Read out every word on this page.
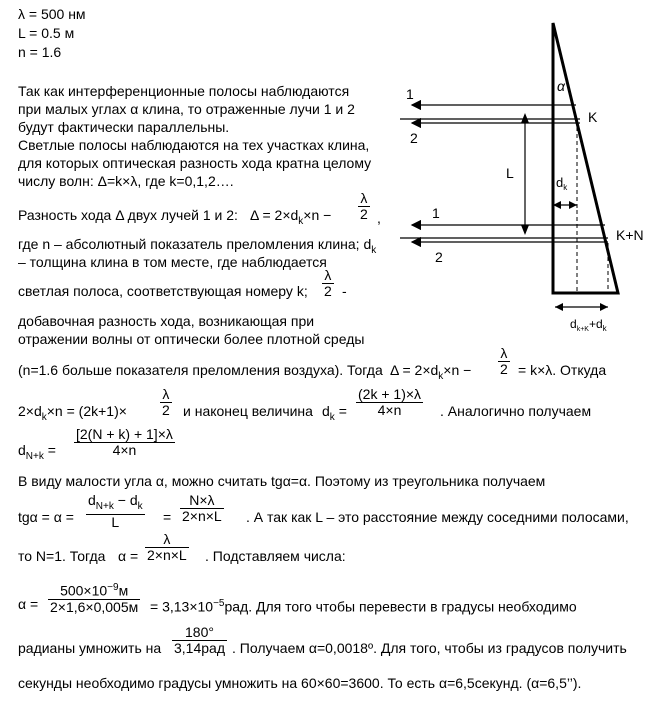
λ = 500 нм
L = 0.5 м
n = 1.6
Так как интерференционные полосы наблюдаются
при малых углах α клина, то отраженные лучи 1 и 2
будут фактически параллельны.
Светлые полосы наблюдаются на тех участках клина,
для которых оптическая разность хода кратна целому
числу волн: Δ=k×λ, где k=0,1,2….
Разность хода Δ двух лучей 1 и 2: $\Delta = 2\times d_k\times n - \frac{\lambda}{2}$ ,
где n – абсолютный показатель преломления клина; $d_k$
– толщина клина в том месте, где наблюдается
светлая полоса, соответствующая номеру k; $\frac{\lambda}{2}$ -
добавочная разность хода, возникающая при
отражении волны от оптически более плотной среды
(n=1.6 больше показателя преломления воздуха). Тогда $\Delta = 2\times d_k\times n - \frac{\lambda}{2} = k\times\lambda$. Откуда
$2\times d_k\times n = (2k+1)\times \frac{\lambda}{2}$ и наконец величина $d_k = \frac{(2k + 1)\times\lambda}{4\times n}$ . Аналогично получаем
$d_{N+k} = \frac{[2(N + k) + 1]\times\lambda}{4\times n}$
В виду малости угла α, можно считать tgα=α. Поэтому из треугольника получаем
$tg\alpha = \alpha = \frac{d_{N+k} - d_k}{L} = \frac{N\times\lambda}{2\times n\times L}$ . А так как L – это расстояние между соседними полосами,
то N=1. Тогда $\alpha = \frac{\lambda}{2\times n\times L}$ . Подставляем числа:
α =
$500\times 10^{-9}м$
$2\times 1,6\times 0,005м = 3,13\times 10^{-5}рад$. Для того чтобы перевести в градусы необходимо
радианы умножить на
180°
3,14рад . Получаем α=0,0018º. Для того, чтобы из градусов получить
секунды необходимо градусы умножить на 60×60=3600. То есть α=6,5секунд. (α=6,5’’).
1
2
1
2
α
K
K+N
L
$d_k$
$d_{k+K}+d_k$
